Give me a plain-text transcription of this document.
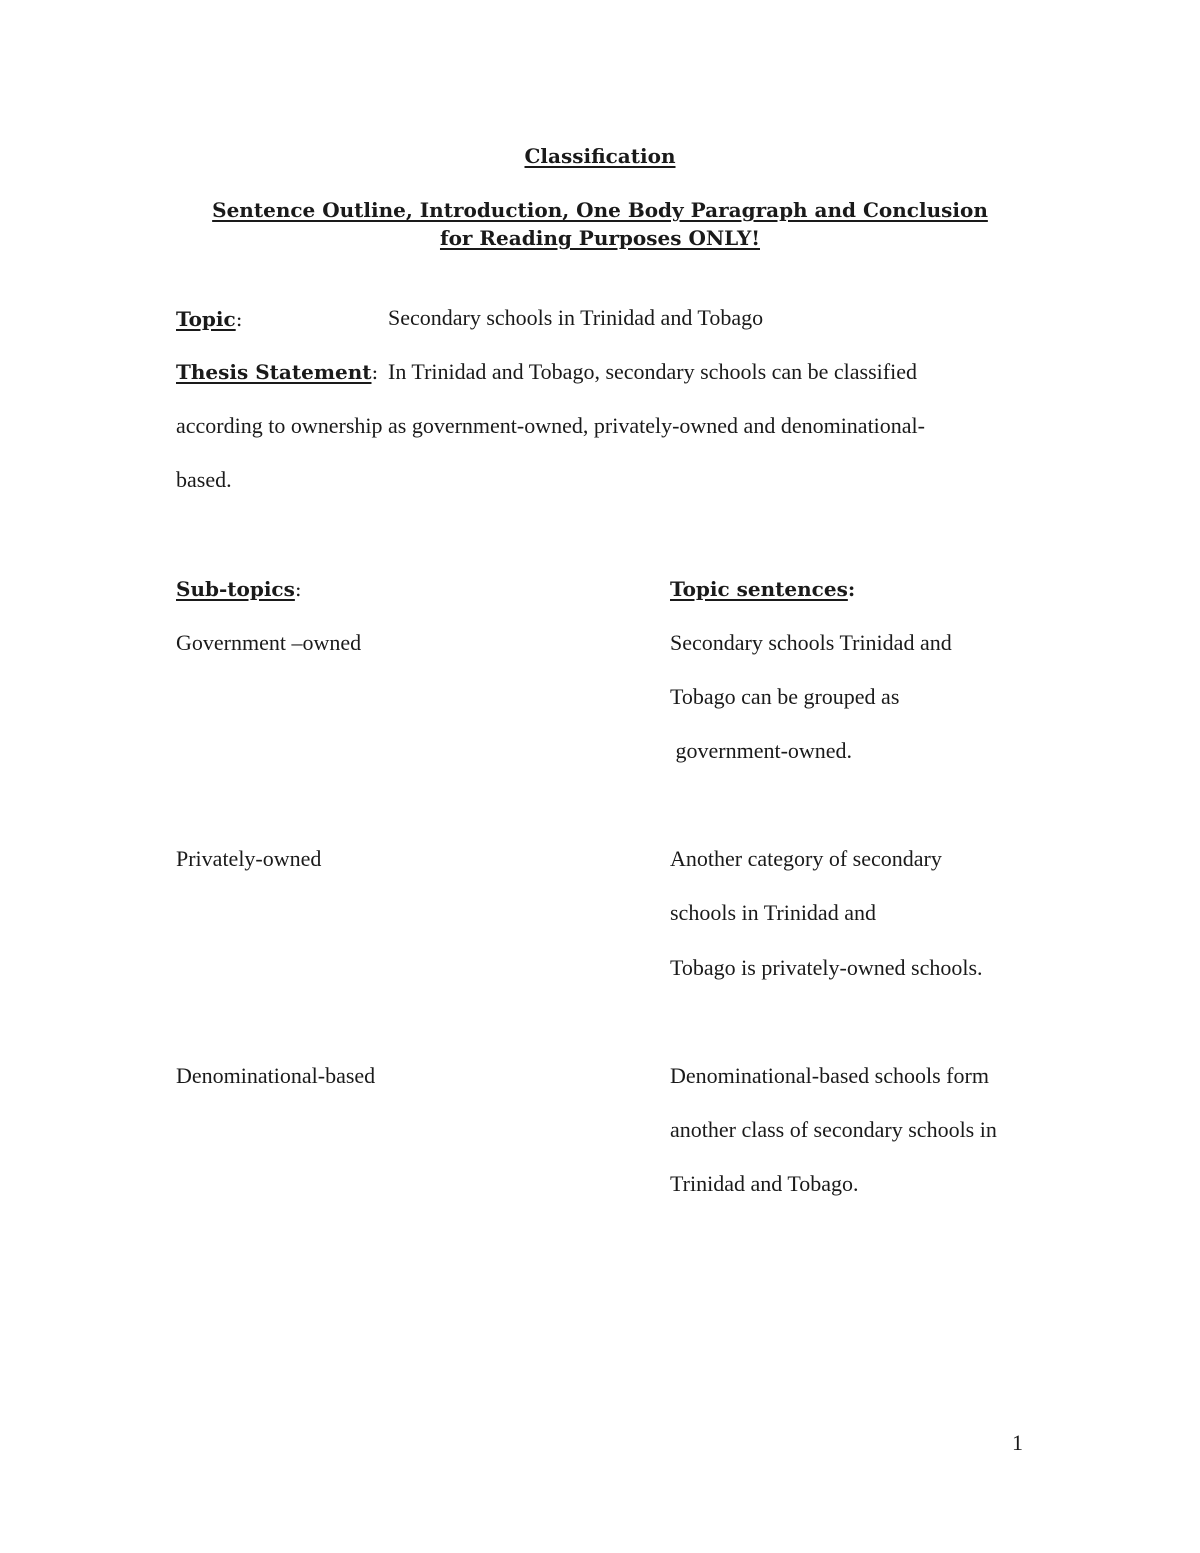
Classification
Sentence Outline, Introduction, One Body Paragraph and Conclusion
for Reading Purposes ONLY!
Topic:	Secondary schools in Trinidad and Tobago
Thesis Statement: In Trinidad and Tobago, secondary schools can be classified
according to ownership as government-owned, privately-owned and denominational-
based.
Sub-topics:	Topic sentences:
Government –owned	Secondary schools Trinidad and
Tobago can be grouped as
government-owned.
Privately-owned	Another category of secondary
schools in Trinidad and
Tobago is privately-owned schools.
Denominational-based	Denominational-based schools form
another class of secondary schools in
Trinidad and Tobago.
1
